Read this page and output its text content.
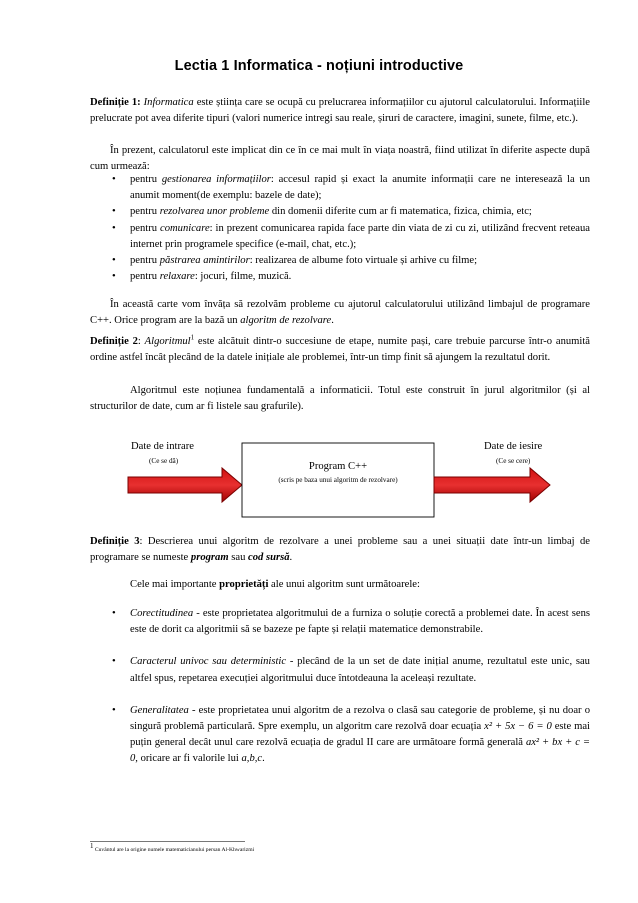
Lectia 1 Informatica - noțiuni introductive

Definiție 1: Informatica este știința care se ocupă cu prelucrarea informațiilor cu ajutorul calculatorului. Informațiile prelucrate pot avea diferite tipuri (valori numerice intregi sau reale, șiruri de caractere, imagini, sunete, filme, etc.).

În prezent, calculatorul este implicat din ce în ce mai mult în viața noastră, fiind utilizat în diferite aspecte după cum urmează:

• pentru gestionarea informațiilor: accesul rapid și exact la anumite informații care ne interesează la un anumit moment(de exemplu: bazele de date);
• pentru rezolvarea unor probleme din domenii diferite cum ar fi matematica, fizica, chimia, etc;
• pentru comunicare: in prezent comunicarea rapida face parte din viata de zi cu zi, utilizând frecvent reteaua internet prin programele specifice (e-mail, chat, etc.);
• pentru păstrarea amintirilor: realizarea de albume foto virtuale și arhive cu filme;
• pentru relaxare: jocuri, filme, muzică.

În această carte vom învăța să rezolvăm probleme cu ajutorul calculatorului utilizând limbajul de programare C++. Orice program are la bază un algoritm de rezolvare.

Definiție 2: Algoritmul$^1$ este alcătuit dintr-o succesiune de etape, numite pași, care trebuie parcurse într-o anumită ordine astfel încât plecând de la datele inițiale ale problemei, într-un timp finit să ajungem la rezultatul dorit.

Algoritmul este noțiunea fundamentală a informaticii. Totul este construit în jurul algoritmilor (și al structurilor de date, cum ar fi listele sau grafurile).

Date de intrare
(Ce se dă)	Program C++
(scris pe baza unui algoritm de rezolvare)
Date de iesire
(Ce se cere)

Definiție 3: Descrierea unui algoritm de rezolvare a unei probleme sau a unei situații date într-un limbaj de programare se numeste program sau cod sursă.

Cele mai importante proprietăți ale unui algoritm sunt următoarele:

• Corectitudinea - este proprietatea algoritmului de a furniza o soluție corectă a problemei date. În acest sens este de dorit ca algoritmii să se bazeze pe fapte și relații matematice demonstrabile.
• Caracterul univoc sau deterministic - plecând de la un set de date inițial anume, rezultatul este unic, sau altfel spus, repetarea execuției algoritmului duce întotdeauna la aceleași rezultate.
• Generalitatea - este proprietatea unui algoritm de a rezolva o clasă sau categorie de probleme, și nu doar o singură problemă particulară. Spre exemplu, un algoritm care rezolvă doar ecuația x² + 5x − 6 = 0 este mai puțin general decât unul care rezolvă ecuația de gradul II care are următoare formă generală ax² + bx + c = 0, oricare ar fi valorile lui a,b,c.
$^1$ Cuvântul are la origine numele matematicianului persan Al-Khwarizmi
